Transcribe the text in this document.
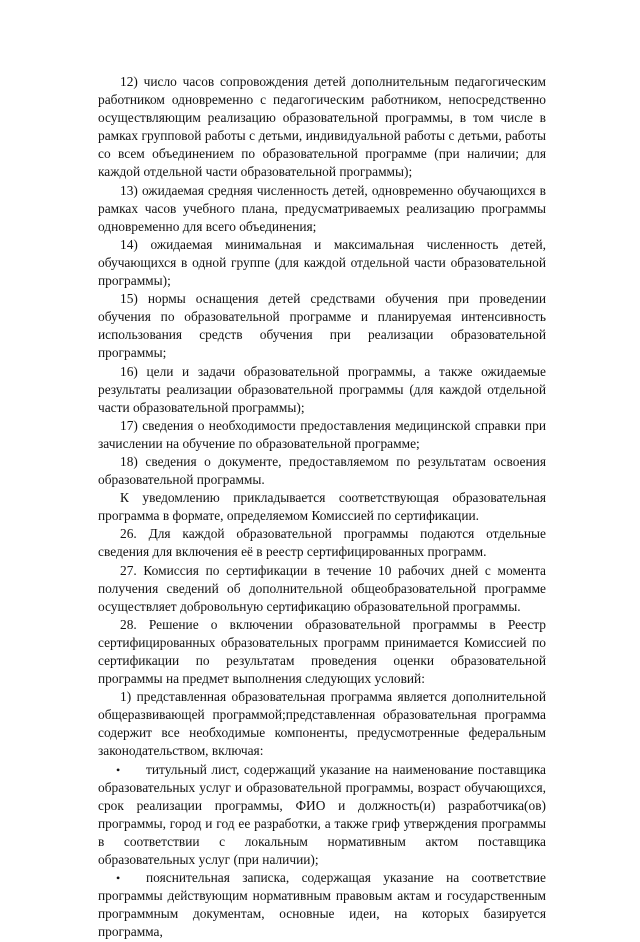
12) число часов сопровождения детей дополнительным педагогическим работником одновременно с педагогическим работником, непосредственно осуществляющим реализацию образовательной программы, в том числе в рамках групповой работы с детьми, индивидуальной работы с детьми, работы со всем объединением по образовательной программе (при наличии; для каждой отдельной части образовательной программы);

13) ожидаемая средняя численность детей, одновременно обучающихся в рамках часов учебного плана, предусматриваемых реализацию программы одновременно для всего объединения;

14) ожидаемая минимальная и максимальная численность детей, обучающихся в одной группе (для каждой отдельной части образовательной программы);

15) нормы оснащения детей средствами обучения при проведении обучения по образовательной программе и планируемая интенсивность использования средств обучения при реализации образовательной программы;

16) цели и задачи образовательной программы, а также ожидаемые результаты реализации образовательной программы (для каждой отдельной части образовательной программы);

17) сведения о необходимости предоставления медицинской справки при зачислении на обучение по образовательной программе;

18) сведения о документе, предоставляемом по результатам освоения образовательной программы.

К уведомлению прикладывается соответствующая образовательная программа в формате, определяемом Комиссией по сертификации.

26. Для каждой образовательной программы подаются отдельные сведения для включения её в реестр сертифицированных программ.

27. Комиссия по сертификации в течение 10 рабочих дней с момента получения сведений об дополнительной общеобразовательной программе осуществляет добровольную сертификацию образовательной программы.

28. Решение о включении образовательной программы в Реестр сертифицированных образовательных программ принимается Комиссией по сертификации по результатам проведения оценки образовательной программы на предмет выполнения следующих условий:

1) представленная образовательная программа является дополнительной общеразвивающей программой;представленная образовательная программа содержит все необходимые компоненты, предусмотренные федеральным законодательством, включая:

• титульный лист, содержащий указание на наименование поставщика образовательных услуг и образовательной программы, возраст обучающихся, срок реализации программы, ФИО и должность(и) разработчика(ов) программы, город и год ее разработки, а также гриф утверждения программы в соответствии с локальным нормативным актом поставщика образовательных услуг (при наличии);

• пояснительная записка, содержащая указание на соответствие программы действующим нормативным правовым актам и государственным программным документам, основные идеи, на которых базируется программа,
